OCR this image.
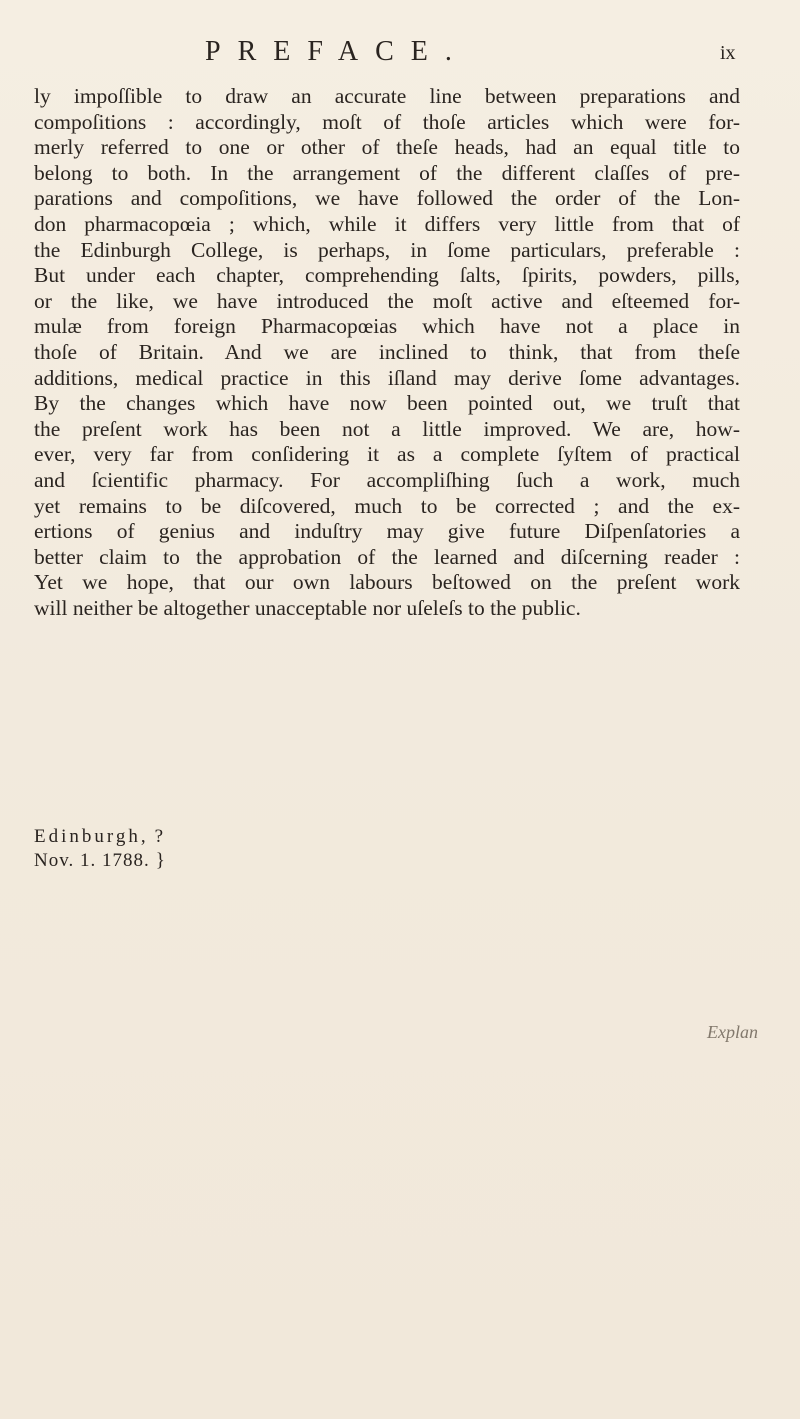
PREFACE.	ix
ly impoſſible to draw an accurate line between preparations and
compoſitions : accordingly, moſt of thoſe articles which were for-
merly referred to one or other of theſe heads, had an equal title to
belong to both. In the arrangement of the different claſſes of pre-
parations and compoſitions, we have followed the order of the Lon-
don pharmacopœia ; which, while it differs very little from that of
the Edinburgh College, is perhaps, in ſome particulars, preferable :
But under each chapter, comprehending ſalts, ſpirits, powders, pills,
or the like, we have introduced the moſt active and eſteemed for-
mulæ from foreign Pharmacopœias which have not a place in
thoſe of Britain. And we are inclined to think, that from theſe
additions, medical practice in this iſland may derive ſome advantages.
By the changes which have now been pointed out, we truſt that
the preſent work has been not a little improved. We are, how-
ever, very far from conſidering it as a complete ſyſtem of practical
and ſcientific pharmacy. For accompliſhing ſuch a work, much
yet remains to be diſcovered, much to be corrected ; and the ex-
ertions of genius and induſtry may give future Diſpenſatories a
better claim to the approbation of the learned and diſcerning reader :
Yet we hope, that our own labours beſtowed on the preſent work
will neither be altogether unacceptable nor uſeleſs to the public.
Edinburgh, ?
Nov. 1. 1788. }
Explan
